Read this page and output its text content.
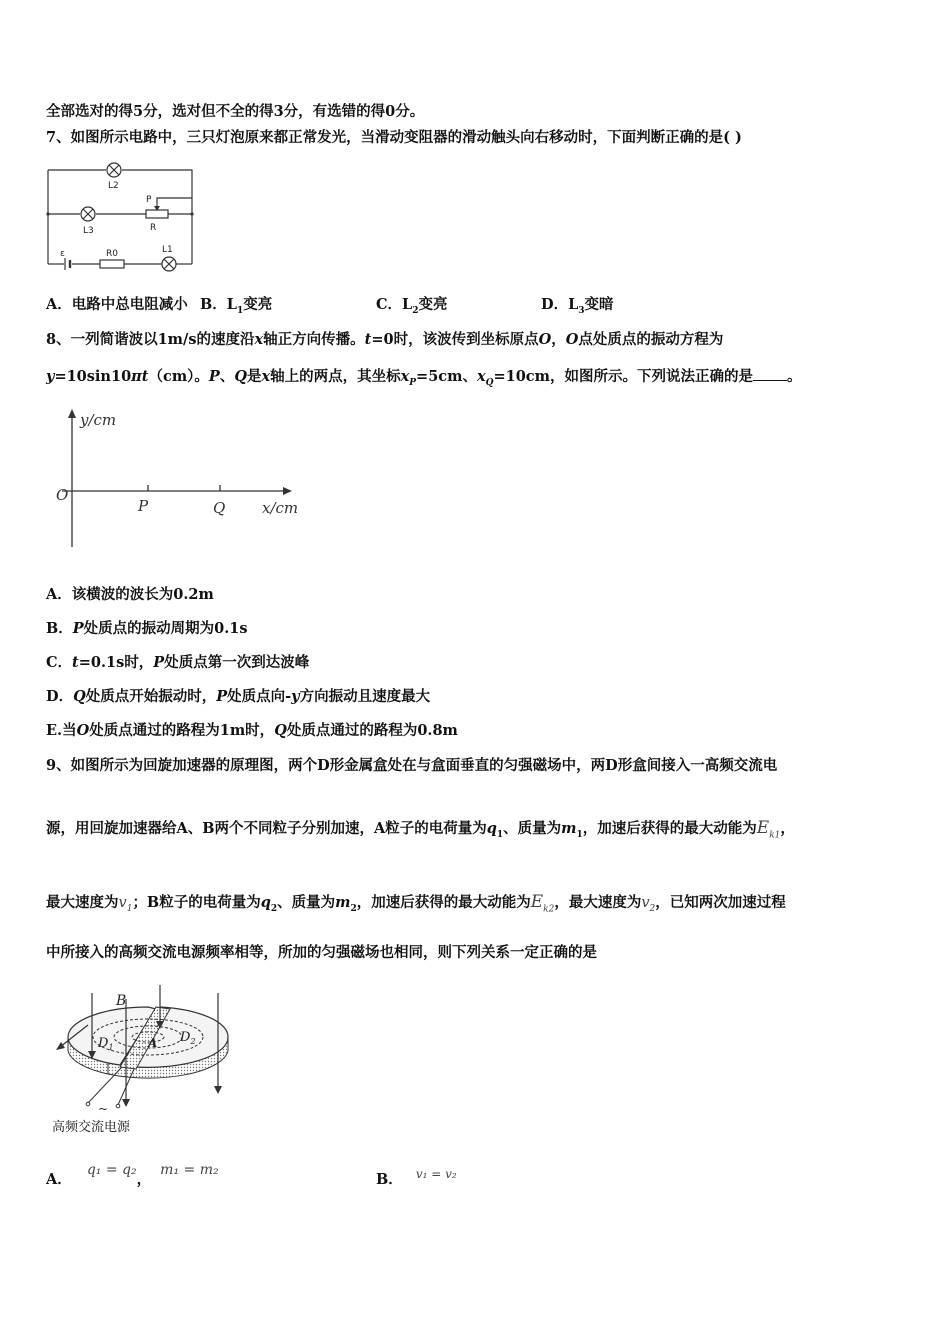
全部选对的得5分，选对但不全的得3分，有选错的得0分。
7、如图所示电路中，三只灯泡原来都正常发光，当滑动变阻器的滑动触头向右移动时，下面判断正确的是( )
L2
L3
P
R
ε	R0	L1
A．电路中总电阻减小 B．$L_1$变亮	C．$L_2$变亮	D．$L_3$变暗
8、一列简谐波以1m/s的速度沿x轴正方向传播。t=0时，该波传到坐标原点O，O点处质点的振动方程为
y=10sin10πt（cm）。P、Q是x轴上的两点，其坐标$x_P=5cm$、$x_Q=10cm$，如图所示。下列说法正确的是 。
y/cm
O
P	Q x/cm
A．该横波的波长为0.2m
B．P处质点的振动周期为0.1s
C．t=0.1s时，P处质点第一次到达波峰
D．Q处质点开始振动时，P处质点向-y方向振动且速度最大
E.当O处质点通过的路程为1m时，Q处质点通过的路程为0.8m
9、如图所示为回旋加速器的原理图，两个D形金属盒处在与盒面垂直的匀强磁场中，两D形盒间接入一高频交流电
源，用回旋加速器给A、B两个不同粒子分别加速，A粒子的电荷量为$q_1$、质量为$m_1$，加速后获得的最大动能为$E_{k1}$，
最大速度为$v_1$；B粒子的电荷量为$q_2$、质量为$m_2$，加速后获得的最大动能为$E_{k2}$，最大速度为$v_2$，已知两次加速过程
中所接入的高频交流电源频率相等，所加的匀强磁场也相同，则下列关系一定正确的是
B
$D_1$
$D_2$
A
~
高频交流电源
A． q₁ = q₂， m₁ = m₂
B． $^{v_1 = v_2}$
